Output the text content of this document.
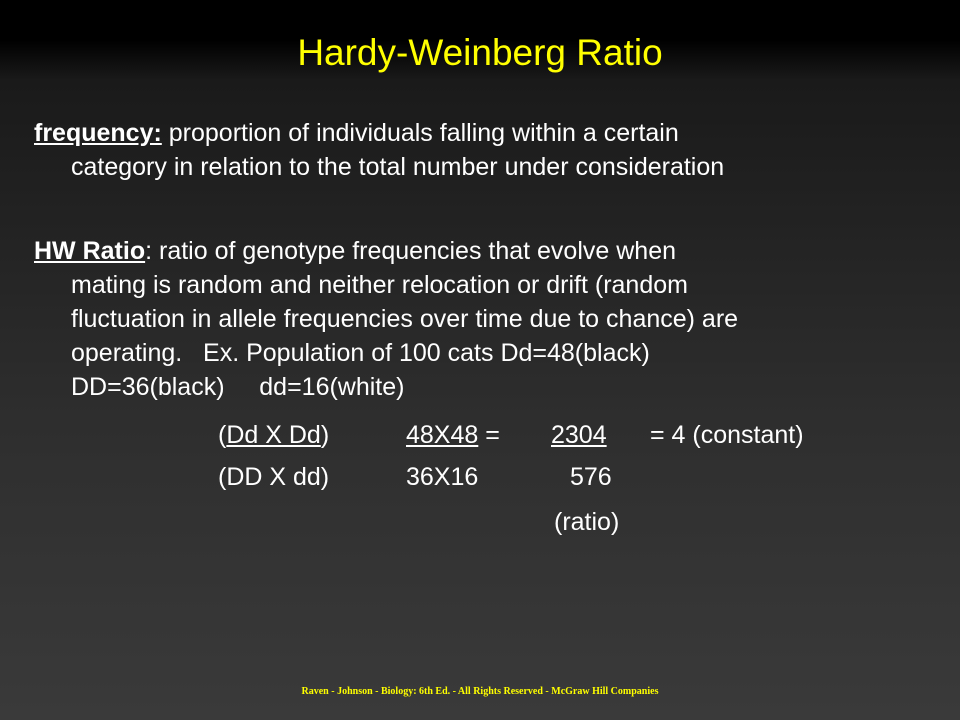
Hardy-Weinberg Ratio
frequency: proportion of individuals falling within a certain
category in relation to the total number under consideration
HW Ratio: ratio of genotype frequencies that evolve when
mating is random and neither relocation or drift (random
fluctuation in allele frequencies over time due to chance) are
operating.   Ex. Population of 100 cats Dd=48(black)
DD=36(black)     dd=16(white)
(Dd X Dd)	48X48 = 2304 = 4 (constant)
(DD X dd)	36X16	576
(ratio)
Raven - Johnson - Biology: 6th Ed. - All Rights Reserved - McGraw Hill Companies
